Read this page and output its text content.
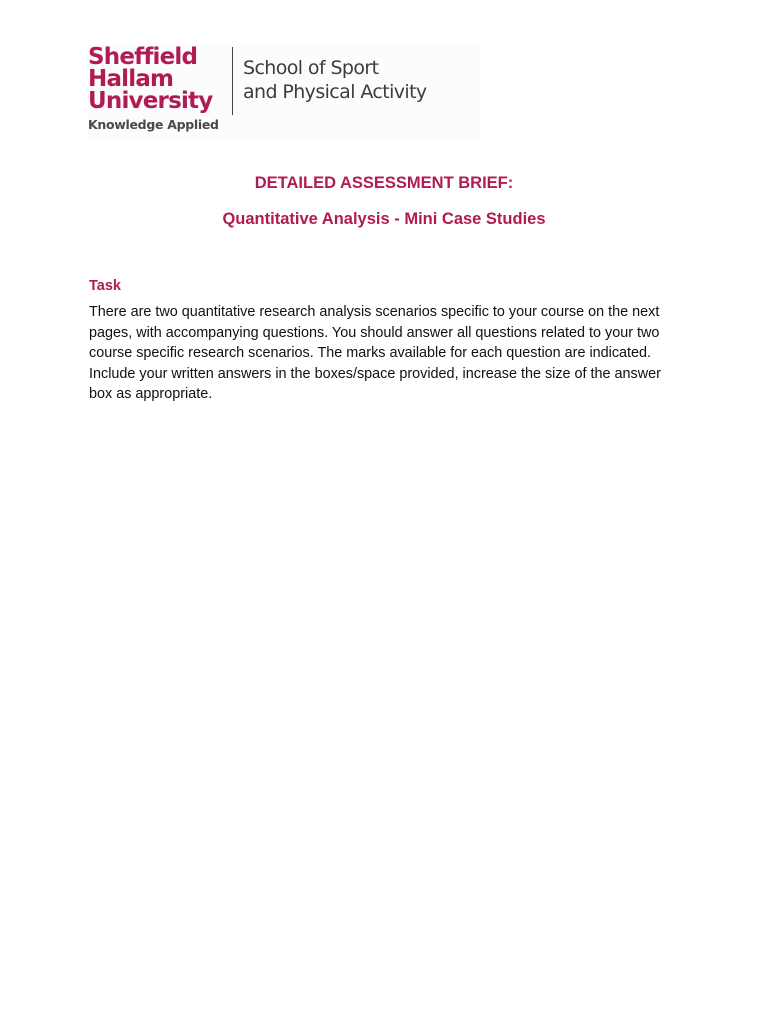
Sheffield
Hallam
University
Knowledge Applied
School of Sport
and Physical Activity
DETAILED ASSESSMENT BRIEF:
Quantitative Analysis - Mini Case Studies
Task
There are two quantitative research analysis scenarios specific to your course on the next pages, with accompanying questions. You should answer all questions related to your two course specific research scenarios. The marks available for each question are indicated. Include your written answers in the boxes/space provided, increase the size of the answer box as appropriate.
